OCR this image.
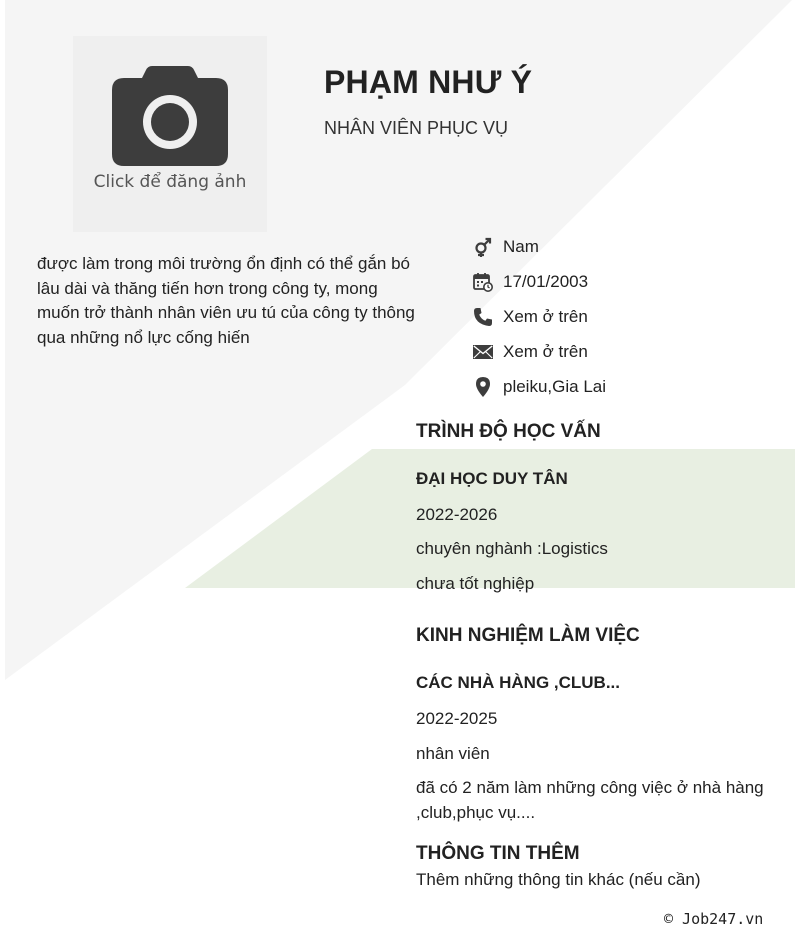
Click để đăng ảnh
PHẠM NHƯ Ý
NHÂN VIÊN PHỤC VỤ
được làm trong môi trường ổn định có thể gắn bó lâu dài và thăng tiến hơn trong công ty, mong muốn trở thành nhân viên ưu tú của công ty thông qua những nổ lực cống hiến
Nam
17/01/2003
Xem ở trên
Xem ở trên
pleiku,Gia Lai
TRÌNH ĐỘ HỌC VẤN
ĐẠI HỌC DUY TÂN
2022-2026
chuyên nghành :Logistics
chưa tốt nghiệp
KINH NGHIỆM LÀM VIỆC
CÁC NHÀ HÀNG ,CLUB...
2022-2025
nhân viên
đã có 2 năm làm những công việc ở nhà hàng ,club,phục vụ....
THÔNG TIN THÊM
Thêm những thông tin khác (nếu cần)
© Job247.vn
